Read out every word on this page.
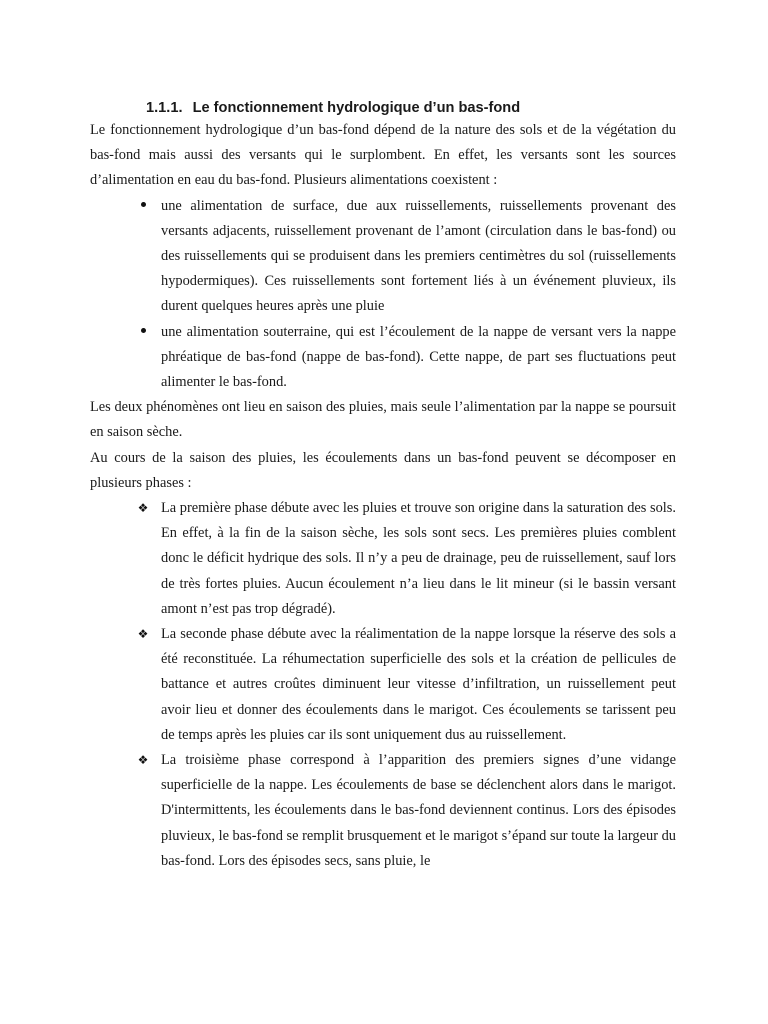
1.1.1. Le fonctionnement hydrologique d’un bas-fond

Le fonctionnement hydrologique d’un bas-fond dépend de la nature des sols et de la végétation du bas-fond mais aussi des versants qui le surplombent. En effet, les versants sont les sources d’alimentation en eau du bas-fond. Plusieurs alimentations coexistent :

une alimentation de surface, due aux ruissellements, ruissellements provenant des versants adjacents, ruissellement provenant de l’amont (circulation dans le bas-fond) ou des ruissellements qui se produisent dans les premiers centimètres du sol (ruissellements hypodermiques). Ces ruissellements sont fortement liés à un événement pluvieux, ils durent quelques heures après une pluie
une alimentation souterraine, qui est l’écoulement de la nappe de versant vers la nappe phréatique de bas-fond (nappe de bas-fond). Cette nappe, de part ses fluctuations peut alimenter le bas-fond.

Les deux phénomènes ont lieu en saison des pluies, mais seule l’alimentation par la nappe se poursuit en saison sèche.

Au cours de la saison des pluies, les écoulements dans un bas-fond peuvent se décomposer en plusieurs phases :

❖ La première phase débute avec les pluies et trouve son origine dans la saturation des sols. En effet, à la fin de la saison sèche, les sols sont secs. Les premières pluies comblent donc le déficit hydrique des sols. Il n’y a peu de drainage, peu de ruissellement, sauf lors de très fortes pluies. Aucun écoulement n’a lieu dans le lit mineur (si le bassin versant amont n’est pas trop dégradé).
❖ La seconde phase débute avec la réalimentation de la nappe lorsque la réserve des sols a été reconstituée. La réhumectation superficielle des sols et la création de pellicules de battance et autres croûtes diminuent leur vitesse d’infiltration, un ruissellement peut avoir lieu et donner des écoulements dans le marigot. Ces écoulements se tarissent peu de temps après les pluies car ils sont uniquement dus au ruissellement.
❖ La troisième phase correspond à l’apparition des premiers signes d’une vidange superficielle de la nappe. Les écoulements de base se déclenchent alors dans le marigot. D'intermittents, les écoulements dans le bas-fond deviennent continus. Lors des épisodes pluvieux, le bas-fond se remplit brusquement et le marigot s’épand sur toute la largeur du bas-fond. Lors des épisodes secs, sans pluie, le
